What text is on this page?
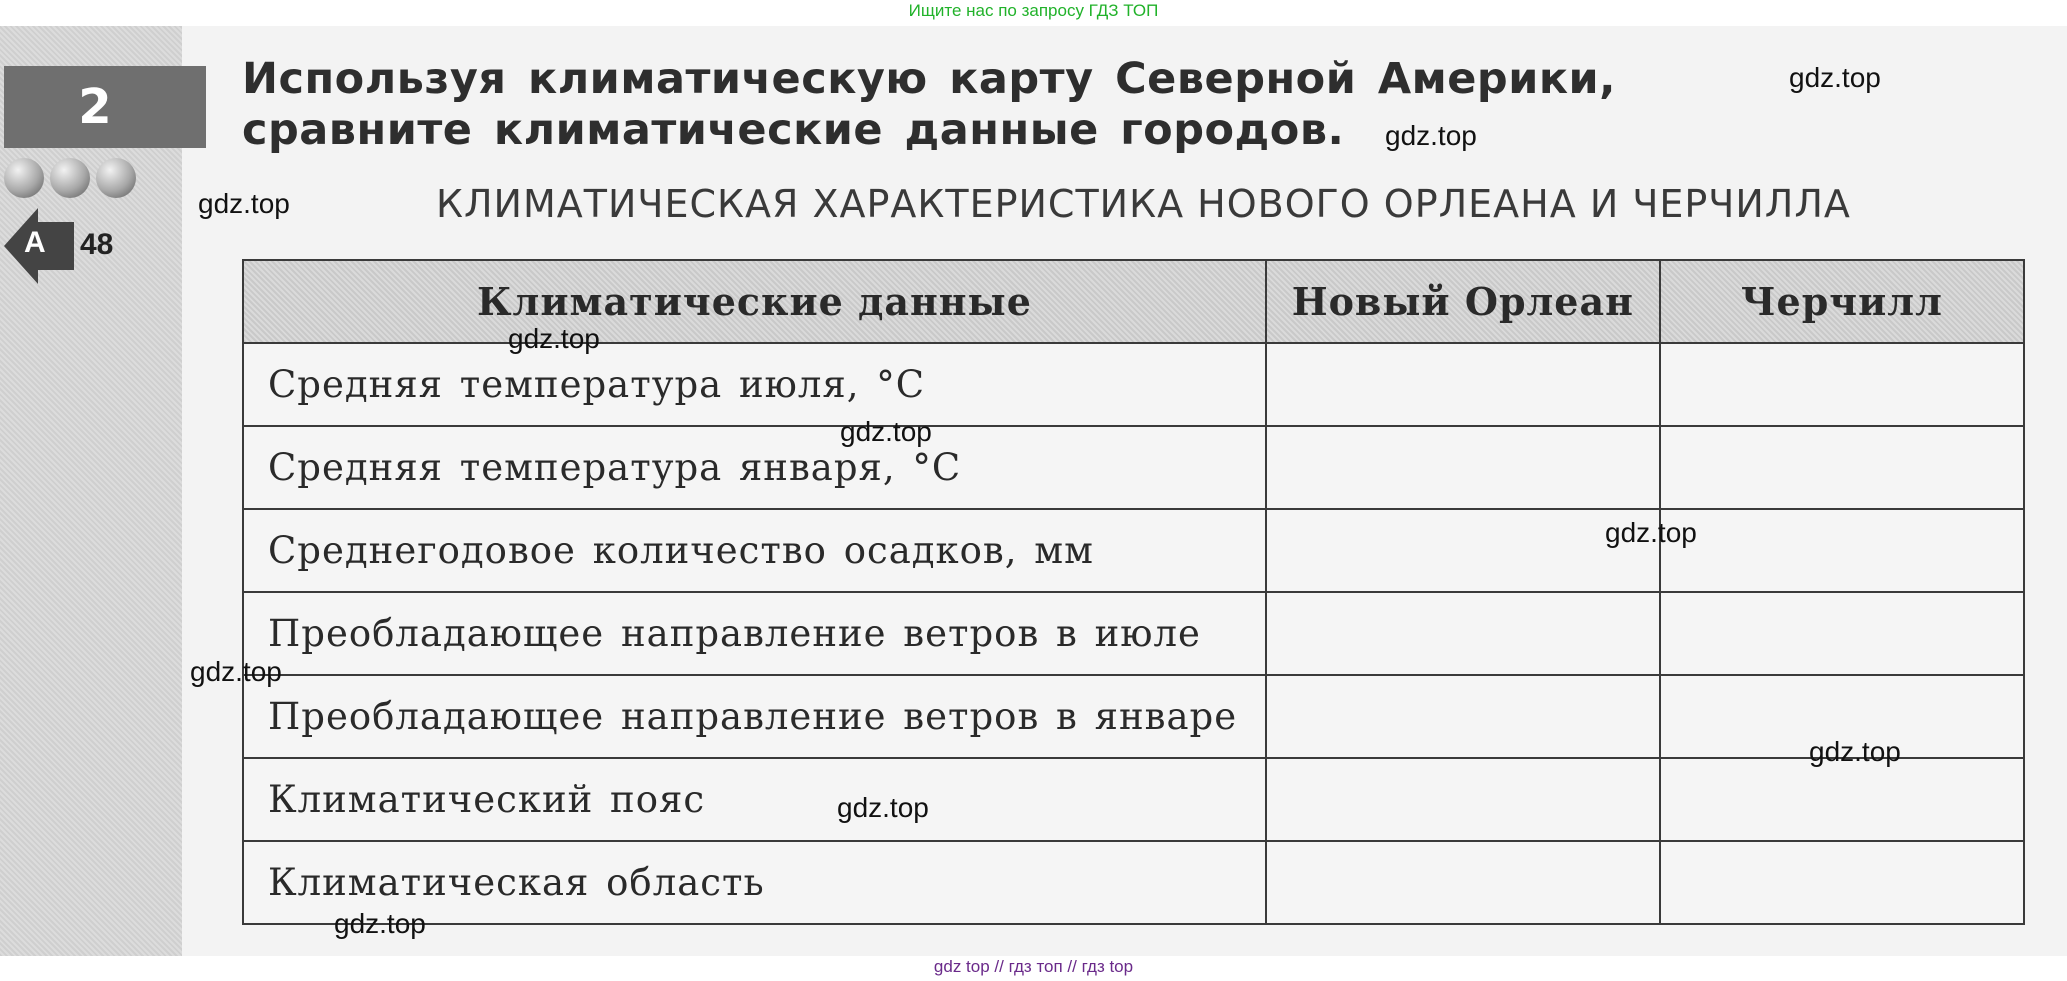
Ищите нас по запросу ГДЗ ТОП
2
А 48
Используя климатическую карту Северной Америки,
сравните климатические данные городов.
КЛИМАТИЧЕСКАЯ ХАРАКТЕРИСТИКА НОВОГО ОРЛЕАНА И ЧЕРЧИЛЛА
Климатические данные	Новый Орлеан	Черчилл
Средняя температура июля, °С		
Средняя температура января, °С		
Среднегодовое количество осадков, мм		
Преобладающее направление ветров в июле		
Преобладающее направление ветров в январе		
Климатический пояс		
Климатическая область		
gdz.top
gdz.top
gdz.top
gdz.top
gdz.top
gdz.top
gdz.top
gdz.top
gdz.top
gdz.top
gdz top // гдз топ // гдз top
